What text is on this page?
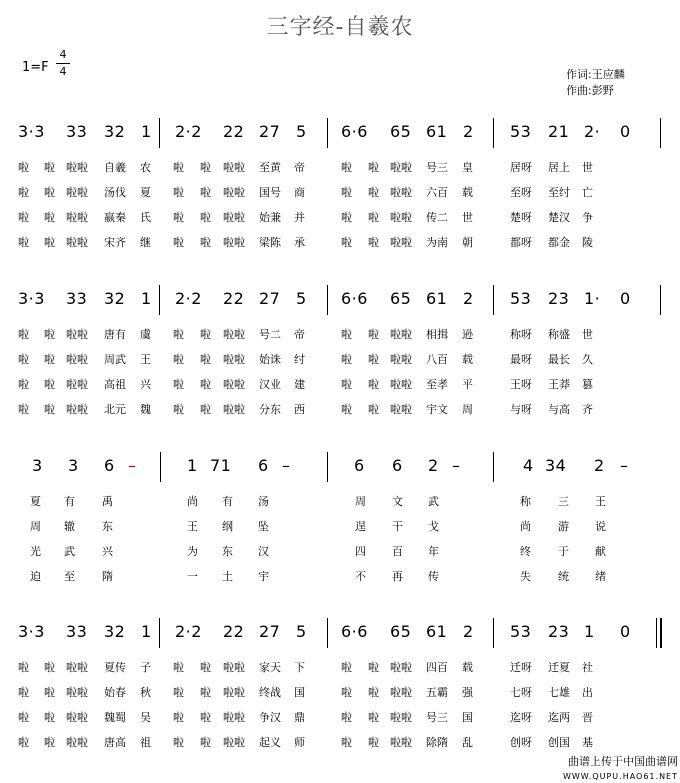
三字经-自羲农
1=F
4
4	作词:王应麟
作曲:彭野
3·3 33 32 1 2·2 22 27 5 6·6 65 61 2 53 21 2· 0
啦 啦 啦啦 自羲 农 啦 啦 啦啦 至黄 帝	啦 啦 啦啦 号三 皇	居呀 居上 世
啦 啦 啦啦 汤伐 夏 啦 啦 啦啦 国号 商	啦 啦 啦啦 六百 载	至呀 至纣 亡
啦 啦 啦啦 嬴秦 氏 啦 啦 啦啦 始兼 并	啦 啦 啦啦 传二 世	楚呀 楚汉 争
啦 啦 啦啦 宋齐 继 啦 啦 啦啦 梁陈 承	啦 啦 啦啦 为南 朝	都呀 都金 陵
3·3 33 32 1 2·2 22 27 5 6·6 65 61 2 53 23 1· 0
啦 啦 啦啦 唐有 虞 啦 啦 啦啦 号二 帝	啦 啦 啦啦 相揖 逊	称呀 称盛 世
啦 啦 啦啦 周武 王 啦 啦 啦啦 始诛 纣	啦 啦 啦啦 八百 载	最呀 最长 久
啦 啦 啦啦 高祖 兴 啦 啦 啦啦 汉业 建	啦 啦 啦啦 至孝 平	王呀 王莽 篡
啦 啦 啦啦 北元 魏 啦 啦 啦啦 分东 西	啦 啦 啦啦 宇文 周	与呀 与高 齐
3 3 6 –	1 71 6 –	6 6 2 –	4 34 2 –
夏 有 禹	尚 有 汤	周 文 武	称 三 王
周 辙 东	王 纲 坠	逞 干 戈	尚 游 说
光 武 兴	为 东 汉	四 百 年	终 于 献
迫 至 隋	一 土 宇	不 再 传	失 统 绪
3·3 33 32 1 2·2 22 27 5 6·6 65 61 2 53 23 1 0
啦 啦 啦啦 夏传 子 啦 啦 啦啦 家天 下	啦 啦 啦啦 四百 载	迁呀 迁夏 社
啦 啦 啦啦 始春 秋 啦 啦 啦啦 终战 国	啦 啦 啦啦 五霸 强	七呀 七雄 出
啦 啦 啦啦 魏蜀 吴 啦 啦 啦啦 争汉 鼎	啦 啦 啦啦 号三 国	迄呀 迄两 晋
啦 啦 啦啦 唐高 祖 啦 啦 啦啦 起义 师	啦 啦 啦啦 除隋 乱	创呀 创国 基
曲谱上传于中国曲谱网
WWW.QUPU.HAO61.NET
